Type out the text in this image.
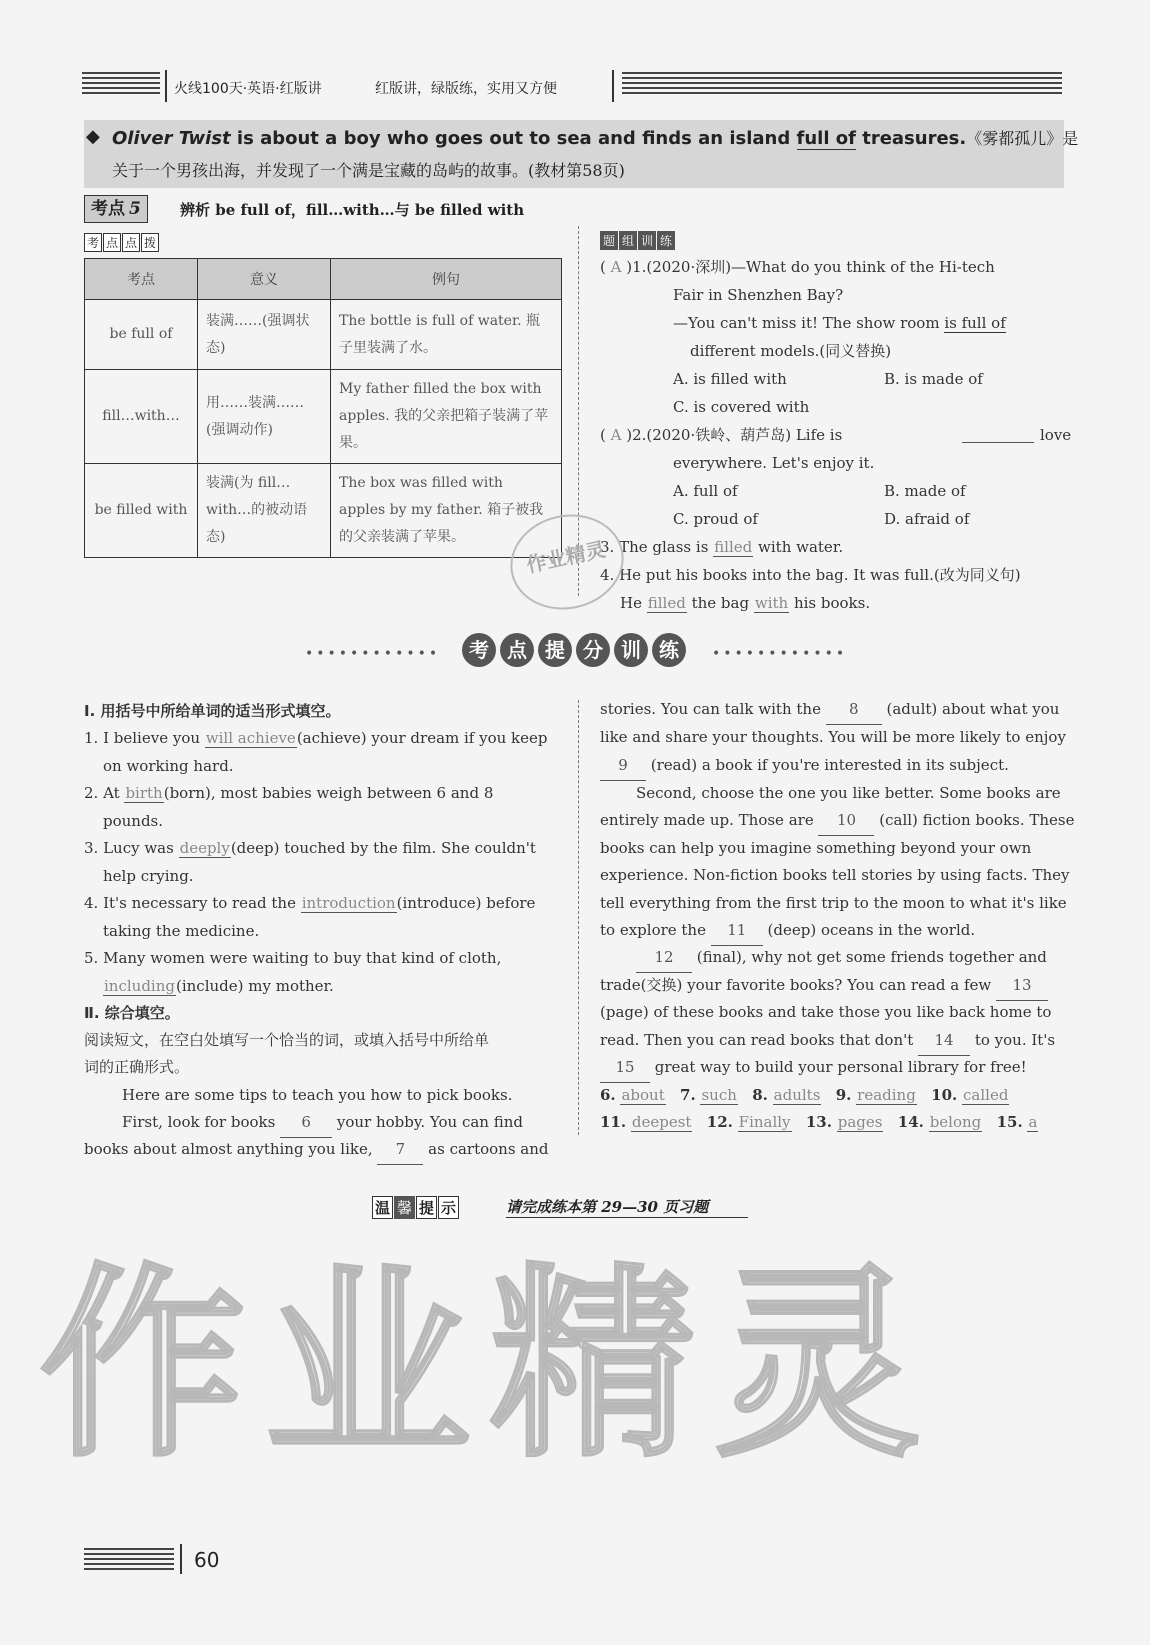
火线100天·英语·红版讲	红版讲，绿版练，实用又方便
◆ Oliver Twist is about a boy who goes out to sea and finds an island full of treasures.《雾都孤儿》是
关于一个男孩出海，并发现了一个满是宝藏的岛屿的故事。(教材第58页)
考点 5	辨析 be full of，fill…with…与 be filled with
考 点 点 拨
考点	意义	例句
be full of	装满……(强调状态)	The bottle is full of water. 瓶子里装满了水。
fill…with…	用……装满……(强调动作)	My father filled the box with apples. 我的父亲把箱子装满了苹果。
be filled with	装满(为 fill…with…的被动语态)	The box was filled with apples by my father. 箱子被我的父亲装满了苹果。
题 组 训 练
( A )1.(2020·深圳)—What do you think of the Hi-tech
Fair in Shenzhen Bay?
—You can't miss it! The show room is full of
different models.(同义替换)
A. is filled with	B. is made of
C. is covered with
( A )2.(2020·铁岭、葫芦岛) Life is	love
everywhere. Let's enjoy it.
A. full of	B. made of
C. proud of	D. afraid of
3. The glass is filled with water.
4. He put his books into the bag. It was full.(改为同义句)
He filled the bag with his books.
作业精灵
••••••••••••	考 点 提 分 训 练	••••••••••••
Ⅰ. 用括号中所给单词的适当形式填空。
1. I believe you will achieve(achieve) your dream if you keep
on working hard.
2. At birth(born), most babies weigh between 6 and 8
pounds.
3. Lucy was deeply(deep) touched by the film. She couldn't
help crying.
4. It's necessary to read the introduction(introduce) before
taking the medicine.
5. Many women were waiting to buy that kind of cloth,
including(include) my mother.
Ⅱ. 综合填空。
阅读短文，在空白处填写一个恰当的词，或填入括号中所给单
词的正确形式。
Here are some tips to teach you how to pick books.
First, look for books 6 your hobby. You can find
books about almost anything you like, 7 as cartoons and
stories. You can talk with the 8 (adult) about what you
like and share your thoughts. You will be more likely to enjoy
9 (read) a book if you're interested in its subject.
Second, choose the one you like better. Some books are
entirely made up. Those are 10 (call) fiction books. These
books can help you imagine something beyond your own
experience. Non-fiction books tell stories by using facts. They
tell everything from the first trip to the moon to what it's like
to explore the 11 (deep) oceans in the world.
12 (final), why not get some friends together and
trade(交换) your favorite books? You can read a few 13
(page) of these books and take those you like back home to
read. Then you can read books that don't 14 to you. It's
15 great way to build your personal library for free!
6. about 7. such 8. adults 9. reading 10. called
11. deepest 12. Finally 13. pages 14. belong 15. a
温 馨 提 示	请完成练本第 29—30 页习题
作业精灵
60
